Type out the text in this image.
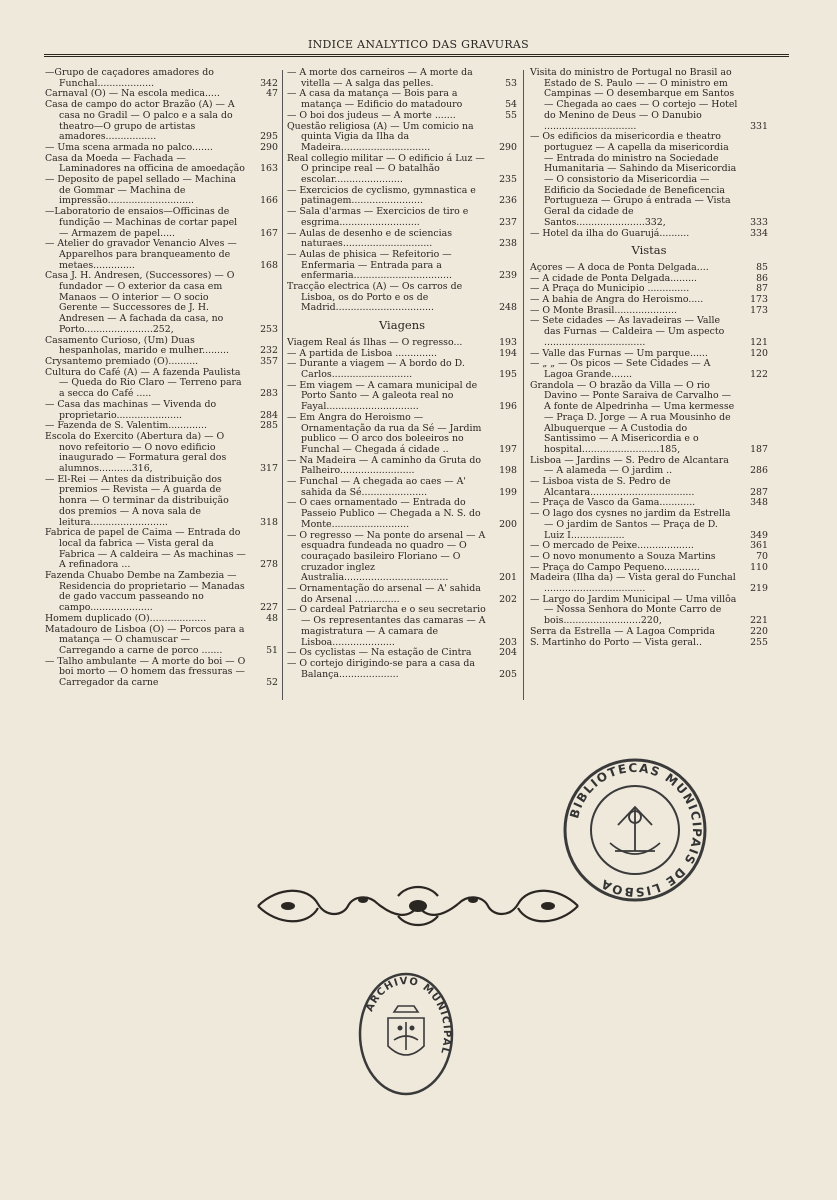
INDICE ANALYTICO DAS GRAVURAS

—Grupo de caçadores amadores do Funchal...................	342

Carnaval (O) — Na escola medica.....	47

Casa de campo do actor Brazão (A) — A casa no Gradil — O palco e a sala do theatro—O grupo de artistas amadores.................	295

— Uma scena armada no palco.......	290

Casa da Moeda — Fachada — Laminadores na officina de amoedação 163

— Deposito de papel sellado — Machina de Gommar — Machina de impressão.............................	166

—Laboratorio de ensaios—Officinas de fundição — Machinas de cortar papel — Armazem de papel.....	167

— Atelier do gravador Venancio Alves — Apparelhos para branqueamento de metaes..............	168

Casa J. H. Andresen, (Successores) — O fundador — O exterior da casa em Manaos — O interior — O socio Gerente — Successores de J. H. Andresen — A fachada da casa, no Porto.......................252,	253

Casamento Curioso, (Um) Duas hespanholas, marido e mulher.........	232

Crysantemo premiado (O)..........	357

Cultura do Café (A) — A fazenda Paulista — Queda do Rio Claro — Terreno para a secca do Café .....	283

— Casa das machinas — Vivenda do proprietario......................	284

— Fazenda de S. Valentim.............	285

Escola do Exercito (Abertura da) — O novo refeitorio — O novo edificio inaugurado — Formatura geral dos alumnos...........316,	317

— El-Rei — Antes da distribuição dos premios — Revista — A guarda de honra — O terminar da distribuição dos premios — A nova sala de leitura..........................	318

Fabrica de papel de Caima — Entrada do local da fabrica — Vista geral da Fabrica — A caldeira — As machinas — A refinadora ...	278

Fazenda Chuabo Dembe na Zambezia — Residencia do proprietario — Manadas de gado vaccum passeando no campo.....................	227

Homem duplicado (O)...................	48

Matadouro de Lisboa (O) — Porcos para a matança — O chamuscar — Carregando a carne de porco .......	51

— Talho ambulante — A morte do boi — O boi morto — O homem das fressuras — Carregador da carne	52

— A morte dos carneiros — A morte da vitella — A salga das pelles.	53

— A casa da matança — Bois para a matança — Edificio do matadouro	54

— O boi dos judeus — A morte .......	55

Questão religiosa (A) — Um comicio na quinta Vigia da Ilha da Madeira..............................	290

Real collegio militar — O edificio á Luz — O principe real — O batalhão escolar.......................	235

— Exercicios de cyclismo, gymnastica e patinagem........................	236

— Sala d'armas — Exercicios de tiro e esgrima...........................	237

— Aulas de desenho e de sciencias naturaes..............................	238

— Aulas de phisica — Refeitorio — Enfermaria — Entrada para a enfermaria.................................	239

Tracção electrica (A) — Os carros de Lisboa, os do Porto e os de Madrid.................................	248

Viagens

Viagem Real ás Ilhas — O regresso...	193

— A partida de Lisboa ..............	194

— Durante a viagem — A bordo do D. Carlos...........................	195

— Em viagem — A camara municipal de Porto Santo — A galeota real no Fayal...............................	196

— Em Angra do Heroismo — Ornamentação da rua da Sé — Jardim publico — O arco dos boleeiros no Funchal — Chegada á cidade ..	197

— Na Madeira — A caminho da Gruta do Palheiro.........................	198

— Funchal — A chegada ao caes — A' sahida da Sé......................	199

— O caes ornamentado — Entrada do Passeio Publico — Chegada a N. S. do Monte..........................	200

— O regresso — Na ponte do arsenal — A esquadra fundeada no quadro — O couraçado basileiro Floriano — O cruzador inglez Australia...................................	201

— Ornamentação do arsenal — A' sahida do Arsenal ...............	202

— O cardeal Patriarcha e o seu secretario — Os representantes das camaras — A magistratura — A camara de Lisboa.....................	203

— Os cyclistas — Na estação de Cintra	204

— O cortejo dirigindo-se para a casa da Balança....................	205

Visita do ministro de Portugal no Brasil ao Estado de S. Paulo — — O ministro em Campinas — O desembarque em Santos — Chegada ao caes — O cortejo — Hotel do Menino de Deus — O Danubio ...............................	331

— Os edificios da misericordia e theatro portuguez — A capella da misericordia — Entrada do ministro na Sociedade Humanitaria — Sahindo da Misericordia — O consistorio da Misericordia — Edificio da Sociedade de Beneficencia Portugueza — Grupo á entrada — Vista Geral da cidade de Santos.......................332,	333

— Hotel da ilha do Guarujá..........	334

Vistas

Açores — A doca de Ponta Delgada....	85

— A cidade de Ponta Delgada.........	86

— A Praça do Municipio ..............	87

— A bahia de Angra do Heroismo.....	173

— O Monte Brasil.....................	173

— Sete cidades — As lavadeiras — Valle das Furnas — Caldeira — Um aspecto ..................................	121

— Valle das Furnas — Um parque......	120

— „ „ — Os picos — Sete Cidades — A Lagoa Grande.......	122

Grandola — O brazão da Villa — O rio Davino — Ponte Saraiva de Carvalho — A fonte de Alpedrinha — Uma kermesse — Praça D. Jorge — A rua Mousinho de Albuquerque — A Custodia do Santissimo — A Misericordia e o hospital..........................185,	187

Lisboa — Jardins — S. Pedro de Alcantara — A alameda — O jardim ..	286

— Lisboa vista de S. Pedro de Alcantara...................................	287

— Praça de Vasco da Gama............	348

— O lago dos cysnes no jardim da Estrella — O jardim de Santos — Praça de D. Luiz I..................	349

— O mercado de Peixe...................	361

— O novo monumento a Souza Martins	70

— Praça do Campo Pequeno............	110

Madeira (Ilha da) — Vista geral do Funchal ..................................	219

— Largo do Jardim Municipal — Uma villôa — Nossa Senhora do Monte Carro de bois..........................220,	221

Serra da Estrella — A Lagoa Comprida	220

S. Martinho do Porto — Vista geral..	255

BIBLIOTECAS MUNICIPAIS DE LISBOA
ARCHIVO MUNICIPAL
